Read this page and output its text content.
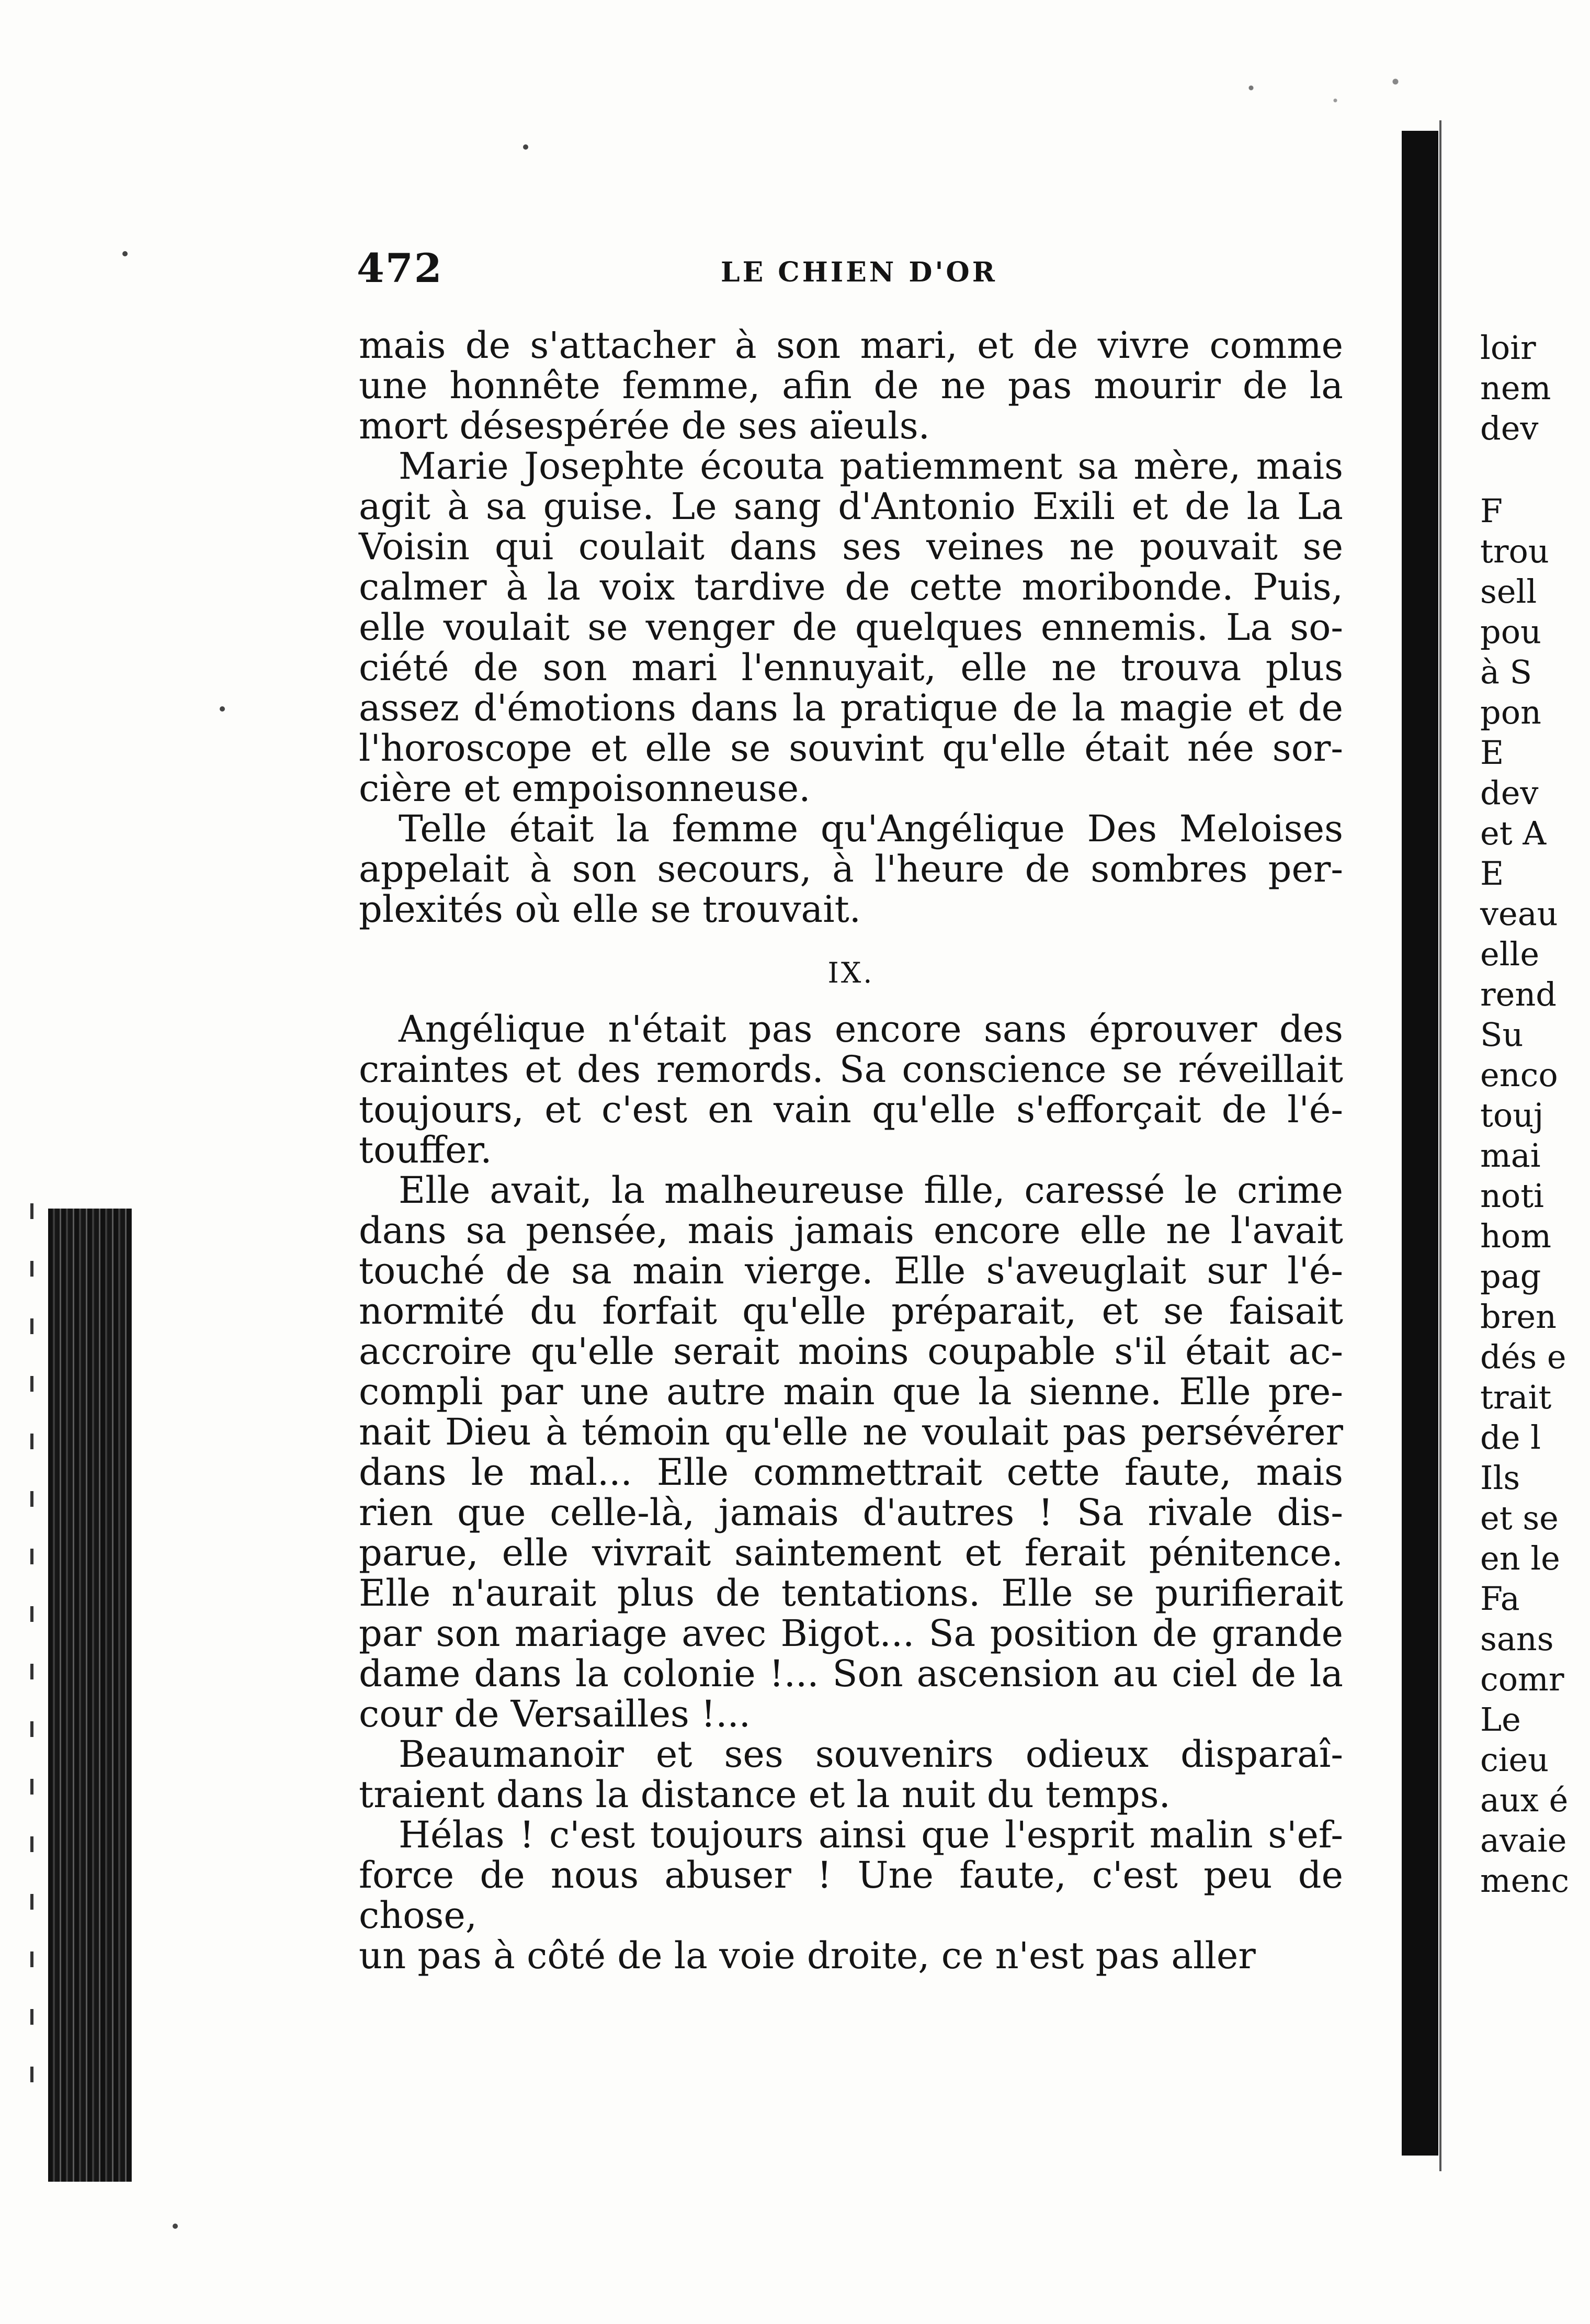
472	LE CHIEN D'OR

mais de s'attacher à son mari, et de vivre comme

une honnête femme, afin de ne pas mourir de la

mort désespérée de ses aïeuls.

Marie Josephte écouta patiemment sa mère, mais

agit à sa guise. Le sang d'Antonio Exili et de la La

Voisin qui coulait dans ses veines ne pouvait se

calmer à la voix tardive de cette moribonde. Puis,

elle voulait se venger de quelques ennemis. La so-

ciété de son mari l'ennuyait, elle ne trouva plus

assez d'émotions dans la pratique de la magie et de

l'horoscope et elle se souvint qu'elle était née sor-

cière et empoisonneuse.

Telle était la femme qu'Angélique Des Meloises

appelait à son secours, à l'heure de sombres per-

plexités où elle se trouvait.

IX.

Angélique n'était pas encore sans éprouver des

craintes et des remords. Sa conscience se réveillait

toujours, et c'est en vain qu'elle s'efforçait de l'é-

touffer.

Elle avait, la malheureuse fille, caressé le crime

dans sa pensée, mais jamais encore elle ne l'avait

touché de sa main vierge. Elle s'aveuglait sur l'é-

normité du forfait qu'elle préparait, et se faisait

accroire qu'elle serait moins coupable s'il était ac-

compli par une autre main que la sienne. Elle pre-

nait Dieu à témoin qu'elle ne voulait pas persévérer

dans le mal... Elle commettrait cette faute, mais

rien que celle-là, jamais d'autres ! Sa rivale dis-

parue, elle vivrait saintement et ferait pénitence.

Elle n'aurait plus de tentations. Elle se purifierait

par son mariage avec Bigot... Sa position de grande

dame dans la colonie !... Son ascension au ciel de la

cour de Versailles !...

Beaumanoir et ses souvenirs odieux disparaî-

traient dans la distance et la nuit du temps.

Hélas ! c'est toujours ainsi que l'esprit malin s'ef-

force de nous abuser ! Une faute, c'est peu de chose,

un pas à côté de la voie droite, ce n'est pas aller

loir
nem
dev
F
trou
sell
pou
à S
pon
E
dev
et A
E
veau
elle
rend
Su
enco
touj
mai
noti
hom
pag
bren
dés e
trait
de l
Ils
et se
en le
Fa
sans
comr
Le
cieu
aux é
avaie
menc
